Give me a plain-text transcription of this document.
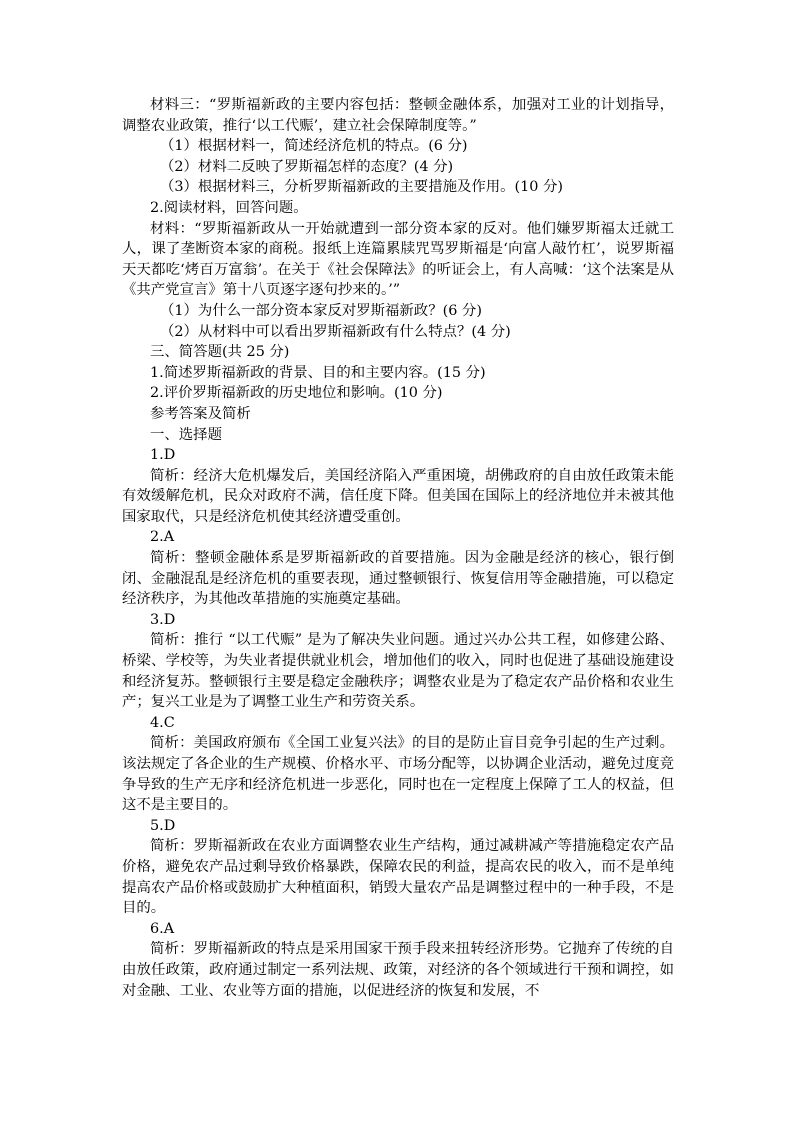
材料三：“罗斯福新政的主要内容包括：整顿金融体系，加强对工业的计划指导，调整农业政策，推行‘以工代赈’，建立社会保障制度等。”

（1）根据材料一，简述经济危机的特点。(6 分)

（2）材料二反映了罗斯福怎样的态度？(4 分)

（3）根据材料三，分析罗斯福新政的主要措施及作用。(10 分)

2.阅读材料，回答问题。

材料：“罗斯福新政从一开始就遭到一部分资本家的反对。他们嫌罗斯福太迁就工人，课了垄断资本家的商税。报纸上连篇累牍咒骂罗斯福是‘向富人敲竹杠’，说罗斯福天天都吃‘烤百万富翁’。在关于《社会保障法》的听证会上，有人高喊：‘这个法案是从《共产党宣言》第十八页逐字逐句抄来的。’”

（1）为什么一部分资本家反对罗斯福新政？(6 分)

（2）从材料中可以看出罗斯福新政有什么特点？(4 分)

三、简答题(共 25 分)

1.简述罗斯福新政的背景、目的和主要内容。(15 分)

2.评价罗斯福新政的历史地位和影响。(10 分)

参考答案及简析

一、选择题

1.D

简析：经济大危机爆发后，美国经济陷入严重困境，胡佛政府的自由放任政策未能有效缓解危机，民众对政府不满，信任度下降。但美国在国际上的经济地位并未被其他国家取代，只是经济危机使其经济遭受重创。

2.A

简析：整顿金融体系是罗斯福新政的首要措施。因为金融是经济的核心，银行倒闭、金融混乱是经济危机的重要表现，通过整顿银行、恢复信用等金融措施，可以稳定经济秩序，为其他改革措施的实施奠定基础。

3.D

简析：推行 “以工代赈” 是为了解决失业问题。通过兴办公共工程，如修建公路、桥梁、学校等，为失业者提供就业机会，增加他们的收入，同时也促进了基础设施建设和经济复苏。整顿银行主要是稳定金融秩序；调整农业是为了稳定农产品价格和农业生产；复兴工业是为了调整工业生产和劳资关系。

4.C

简析：美国政府颁布《全国工业复兴法》的目的是防止盲目竞争引起的生产过剩。该法规定了各企业的生产规模、价格水平、市场分配等，以协调企业活动，避免过度竞争导致的生产无序和经济危机进一步恶化，同时也在一定程度上保障了工人的权益，但这不是主要目的。

5.D

简析：罗斯福新政在农业方面调整农业生产结构，通过减耕减产等措施稳定农产品价格，避免农产品过剩导致价格暴跌，保障农民的利益，提高农民的收入，而不是单纯提高农产品价格或鼓励扩大种植面积，销毁大量农产品是调整过程中的一种手段，不是目的。

6.A

简析：罗斯福新政的特点是采用国家干预手段来扭转经济形势。它抛弃了传统的自由放任政策，政府通过制定一系列法规、政策，对经济的各个领域进行干预和调控，如对金融、工业、农业等方面的措施，以促进经济的恢复和发展，不
